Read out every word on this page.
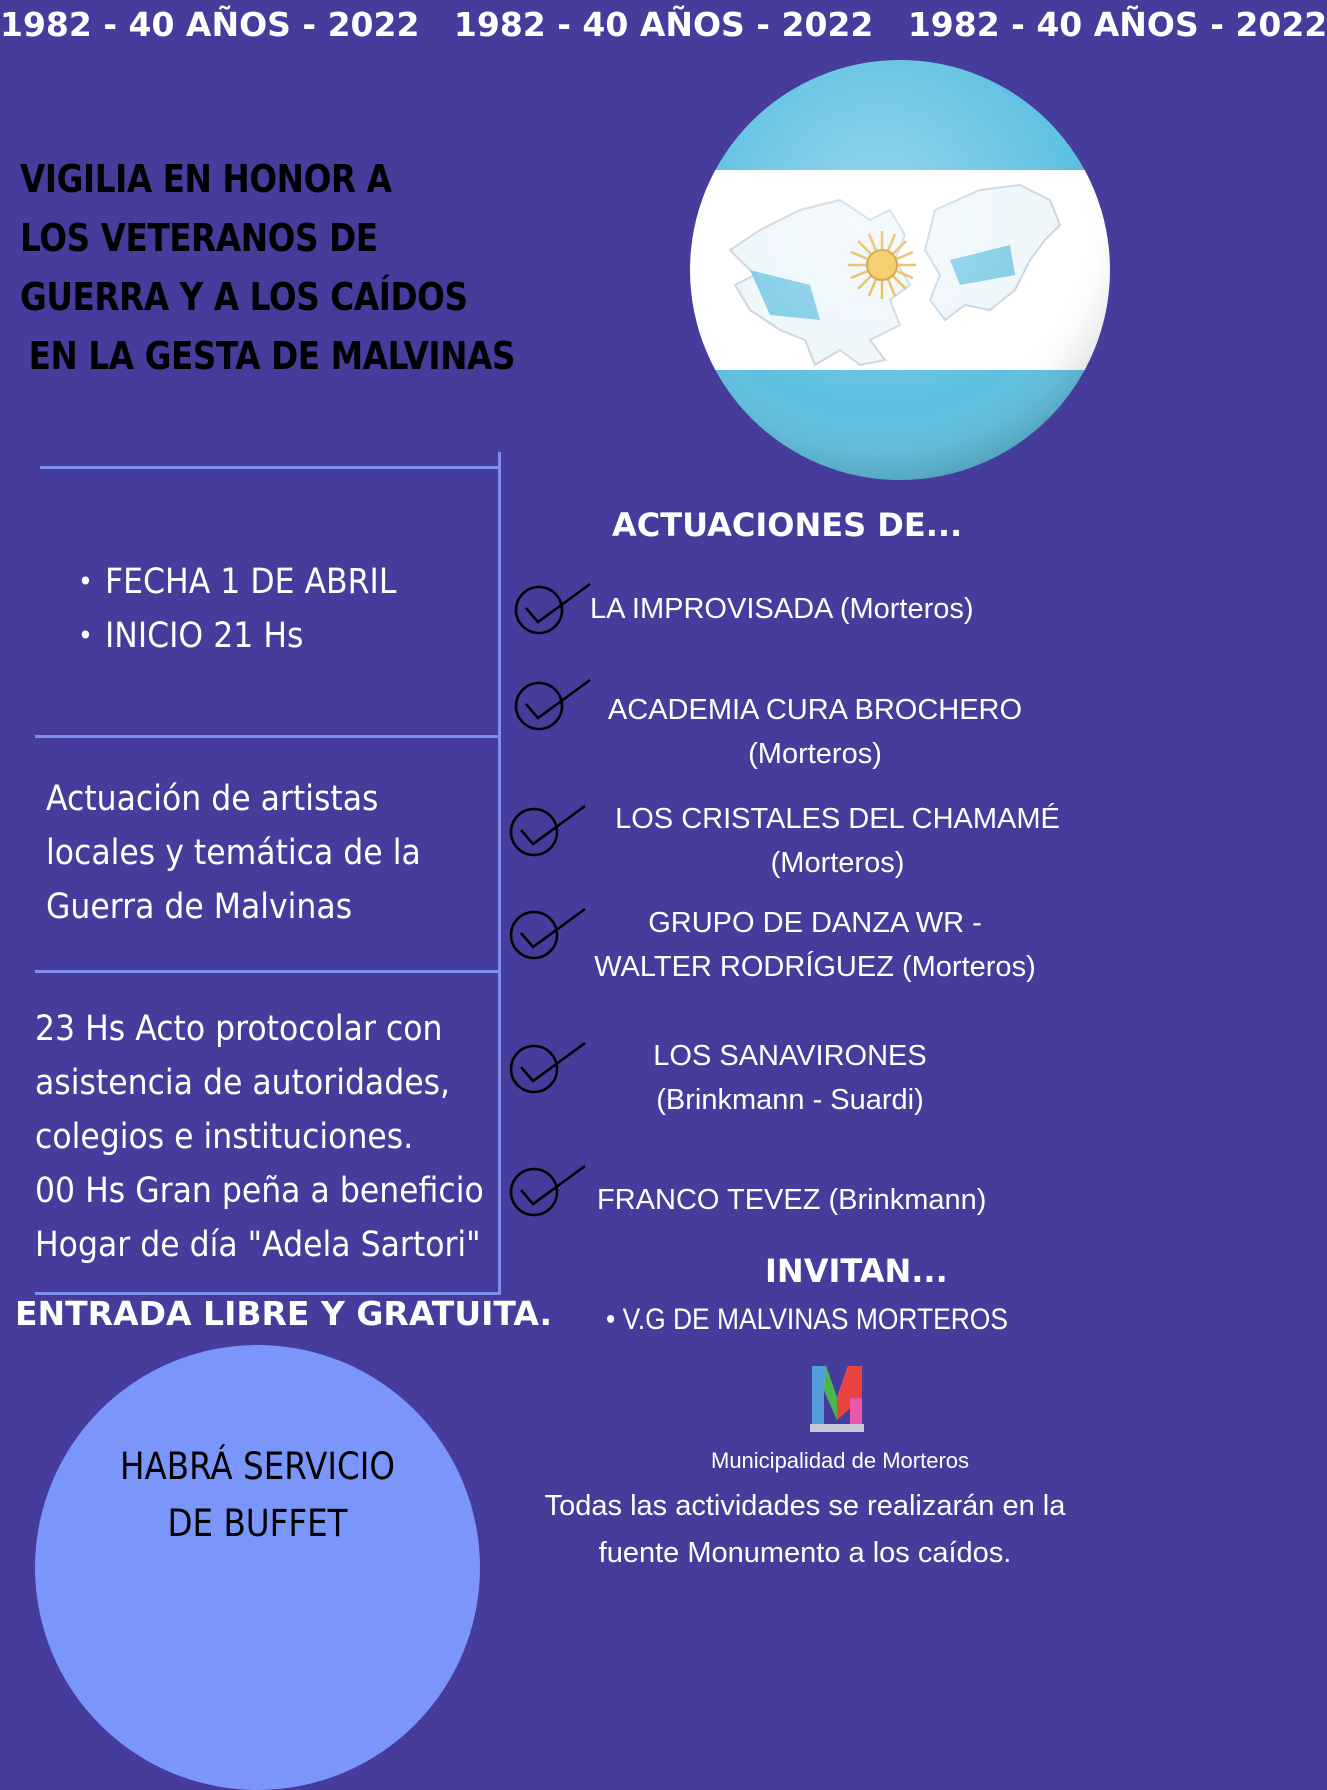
1982 - 40 AÑOS - 2022 1982 - 40 AÑOS - 2022 1982 - 40 AÑOS - 2022
VIGILIA EN HONOR A
LOS VETERANOS DE
GUERRA Y A LOS CAÍDOS
EN LA GESTA DE MALVINAS
• FECHA 1 DE ABRIL
• INICIO 21 Hs
Actuación de artistas
locales y temática de la
Guerra de Malvinas
23 Hs Acto protocolar con
asistencia de autoridades,
colegios e instituciones.
00 Hs Gran peña a beneficio
Hogar de día "Adela Sartori"
ENTRADA LIBRE Y GRATUITA.
ACTUACIONES DE...
LA IMPROVISADA (Morteros)
ACADEMIA CURA BROCHERO
(Morteros)
LOS CRISTALES DEL CHAMAMÉ
(Morteros)
GRUPO DE DANZA WR -
WALTER RODRÍGUEZ (Morteros)
LOS SANAVIRONES
(Brinkmann - Suardi)
FRANCO TEVEZ (Brinkmann)
INVITAN...
• V.G DE MALVINAS MORTEROS
Municipalidad de Morteros
Todas las actividades se realizarán en la
fuente Monumento a los caídos.
HABRÁ SERVICIO
DE BUFFET
